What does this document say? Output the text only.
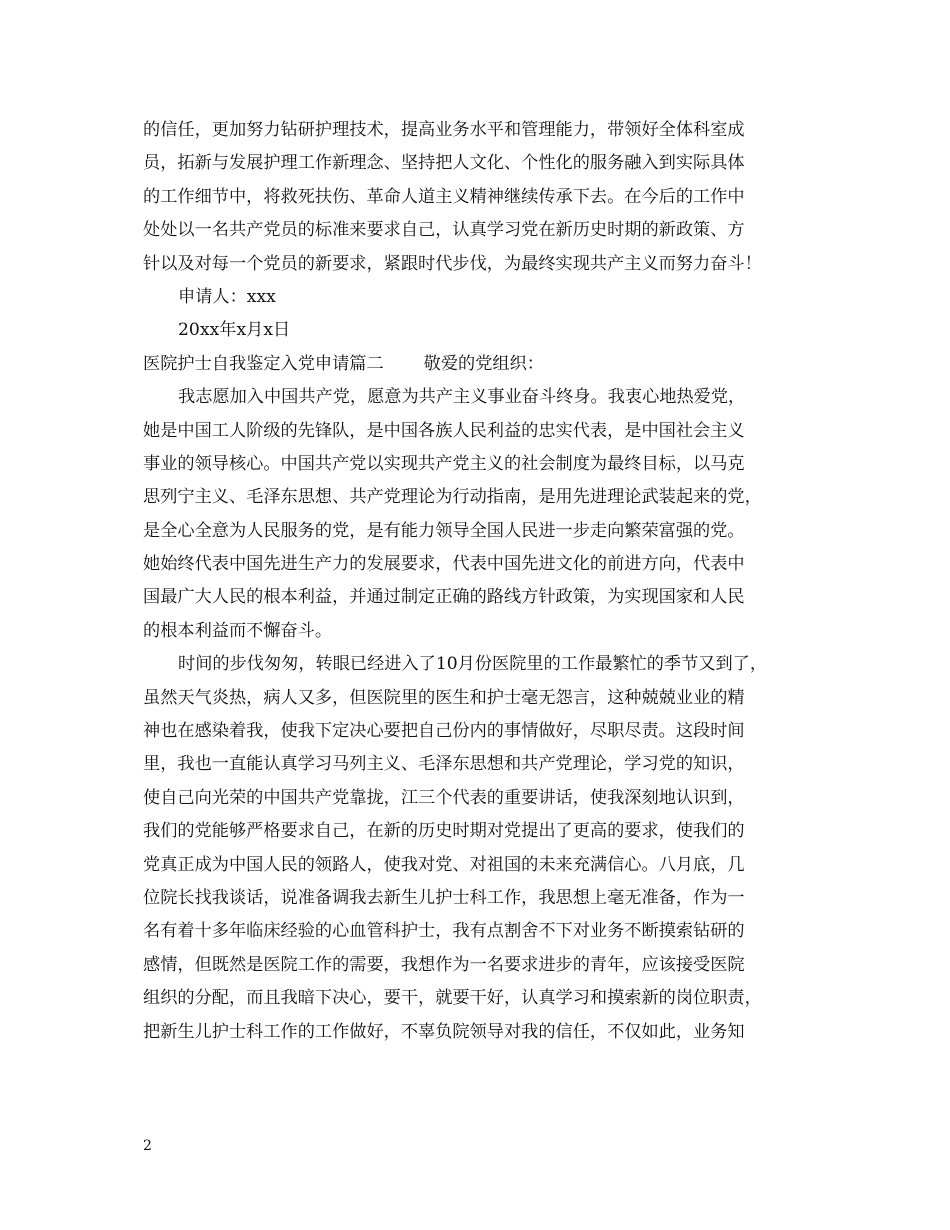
的信任，更加努力钻研护理技术，提高业务水平和管理能力，带领好全体科室成
员，拓新与发展护理工作新理念、坚持把人文化、个性化的服务融入到实际具体
的工作细节中，将救死扶伤、革命人道主义精神继续传承下去。在今后的工作中
处处以一名共产党员的标准来要求自己，认真学习党在新历史时期的新政策、方
针以及对每一个党员的新要求，紧跟时代步伐，为最终实现共产主义而努力奋斗！
申请人：xxx
20xx年x月x日
医院护士自我鉴定入党申请篇二 敬爱的党组织：
我志愿加入中国共产党，愿意为共产主义事业奋斗终身。我衷心地热爱党，
她是中国工人阶级的先锋队，是中国各族人民利益的忠实代表，是中国社会主义
事业的领导核心。中国共产党以实现共产党主义的社会制度为最终目标，以马克
思列宁主义、毛泽东思想、共产党理论为行动指南，是用先进理论武装起来的党，
是全心全意为人民服务的党，是有能力领导全国人民进一步走向繁荣富强的党。
她始终代表中国先进生产力的发展要求，代表中国先进文化的前进方向，代表中
国最广大人民的根本利益，并通过制定正确的路线方针政策，为实现国家和人民
的根本利益而不懈奋斗。
时间的步伐匆匆，转眼已经进入了10月份医院里的工作最繁忙的季节又到了，
虽然天气炎热，病人又多，但医院里的医生和护士毫无怨言，这种兢兢业业的精
神也在感染着我，使我下定决心要把自己份内的事情做好，尽职尽责。这段时间
里，我也一直能认真学习马列主义、毛泽东思想和共产党理论，学习党的知识，
使自己向光荣的中国共产党靠拢，江三个代表的重要讲话，使我深刻地认识到，
我们的党能够严格要求自己，在新的历史时期对党提出了更高的要求，使我们的
党真正成为中国人民的领路人，使我对党、对祖国的未来充满信心。八月底，几
位院长找我谈话，说准备调我去新生儿护士科工作，我思想上毫无准备，作为一
名有着十多年临床经验的心血管科护士，我有点割舍不下对业务不断摸索钻研的
感情，但既然是医院工作的需要，我想作为一名要求进步的青年，应该接受医院
组织的分配，而且我暗下决心，要干，就要干好，认真学习和摸索新的岗位职责，
把新生儿护士科工作的工作做好，不辜负院领导对我的信任，不仅如此，业务知
2
